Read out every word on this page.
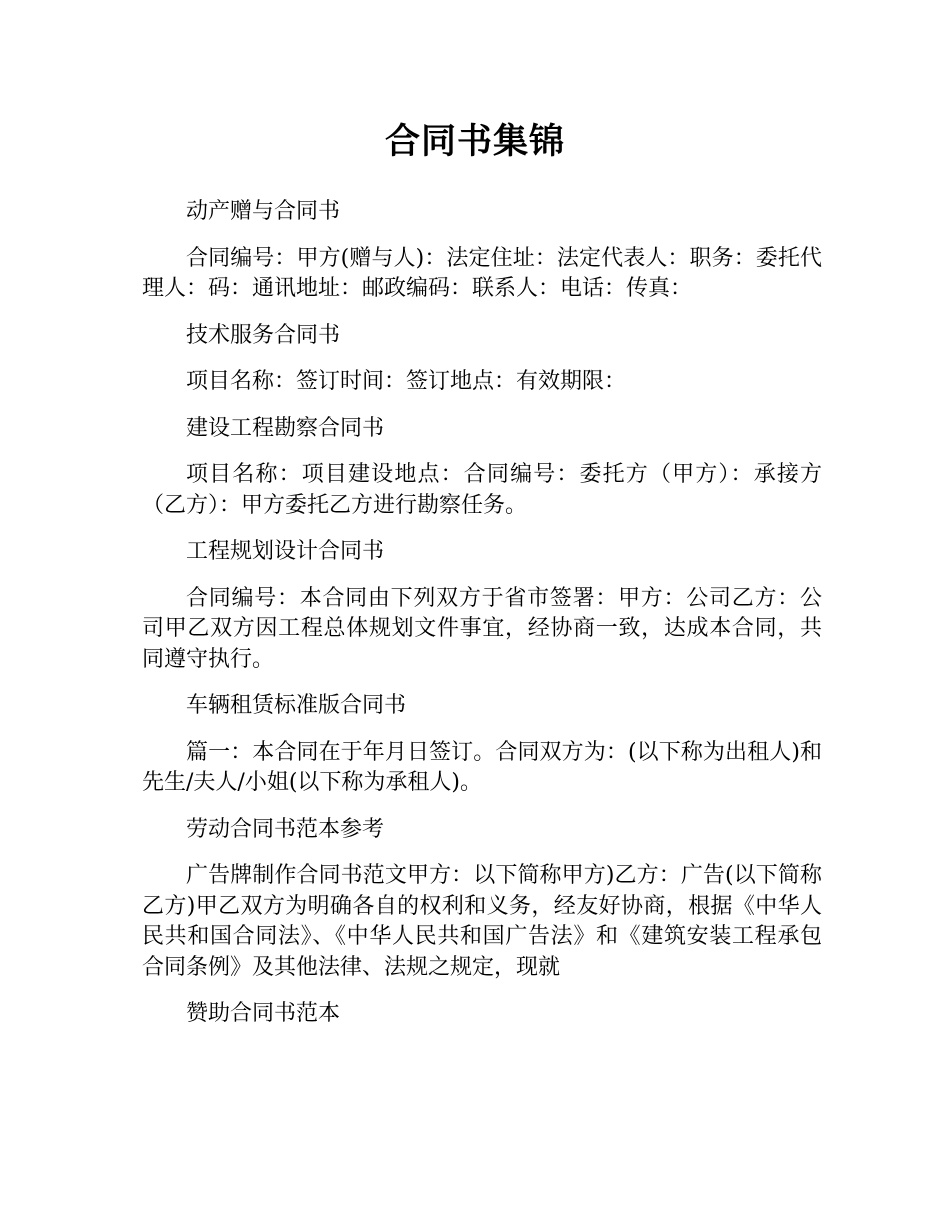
合同书集锦

动产赠与合同书

合同编号：甲方(赠与人)：法定住址：法定代表人：职务：委托代理人：码：通讯地址：邮政编码：联系人：电话：传真：

技术服务合同书

项目名称：签订时间：签订地点：有效期限：

建设工程勘察合同书

项目名称：项目建设地点：合同编号：委托方（甲方）：承接方（乙方）：甲方委托乙方进行勘察任务。

工程规划设计合同书

合同编号：本合同由下列双方于省市签署：甲方：公司乙方：公司甲乙双方因工程总体规划文件事宜，经协商一致，达成本合同，共同遵守执行。

车辆租赁标准版合同书

篇一：本合同在于年月日签订。合同双方为：(以下称为出租人)和先生/夫人/小姐(以下称为承租人)。

劳动合同书范本参考

广告牌制作合同书范文甲方：以下简称甲方)乙方：广告(以下简称乙方)甲乙双方为明确各自的权利和义务，经友好协商，根据《中华人民共和国合同法》、《中华人民共和国广告法》和《建筑安装工程承包合同条例》及其他法律、法规之规定，现就

赞助合同书范本
